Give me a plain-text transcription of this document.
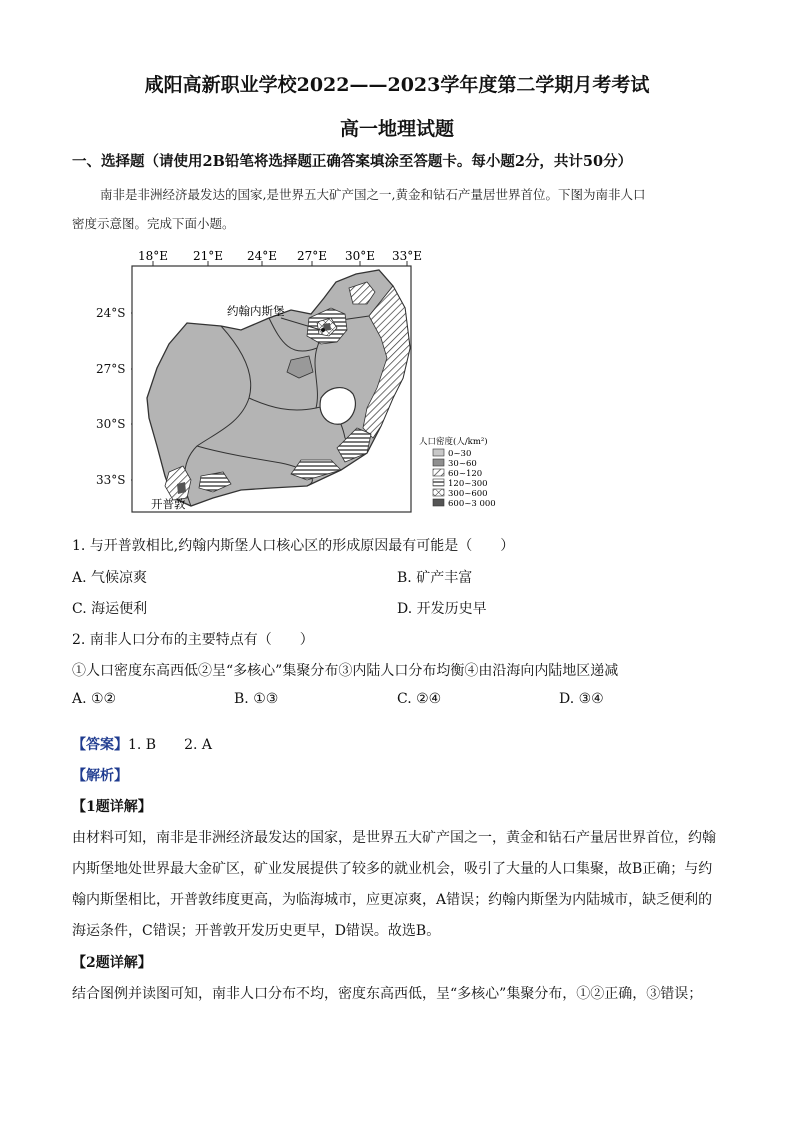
咸阳高新职业学校2022——2023学年度第二学期月考考试
高一地理试题
一、选择题（请使用2B铅笔将选择题正确答案填涂至答题卡。每小题2分，共计50分）
南非是非洲经济最发达的国家,是世界五大矿产国之一,黄金和钻石产量居世界首位。下图为南非人口
密度示意图。完成下面小题。
18°E 21°E 24°E 27°E 30°E 33°E
约翰内斯堡
开普敦
人口密度(人/km²)
0~30
30~60
60~120
120~300
300~600
600~3 000
24°S
27°S
30°S
33°S
1. 与开普敦相比,约翰内斯堡人口核心区的形成原因最有可能是（　　）
A. 气候凉爽	B. 矿产丰富
C. 海运便利	D. 开发历史早
2. 南非人口分布的主要特点有（　　）
①人口密度东高西低②呈“多核心”集聚分布③内陆人口分布均衡④由沿海向内陆地区递减
A. ①②	B. ①③	C. ②④	D. ③④
【答案】1. B　　2. A
【解析】
【1题详解】
由材料可知，南非是非洲经济最发达的国家，是世界五大矿产国之一，黄金和钻石产量居世界首位，约翰
内斯堡地处世界最大金矿区，矿业发展提供了较多的就业机会，吸引了大量的人口集聚，故B正确；与约
翰内斯堡相比，开普敦纬度更高，为临海城市，应更凉爽，A错误；约翰内斯堡为内陆城市，缺乏便利的
海运条件，C错误；开普敦开发历史更早，D错误。故选B。
【2题详解】
结合图例并读图可知，南非人口分布不均，密度东高西低，呈“多核心”集聚分布，①②正确，③错误；
